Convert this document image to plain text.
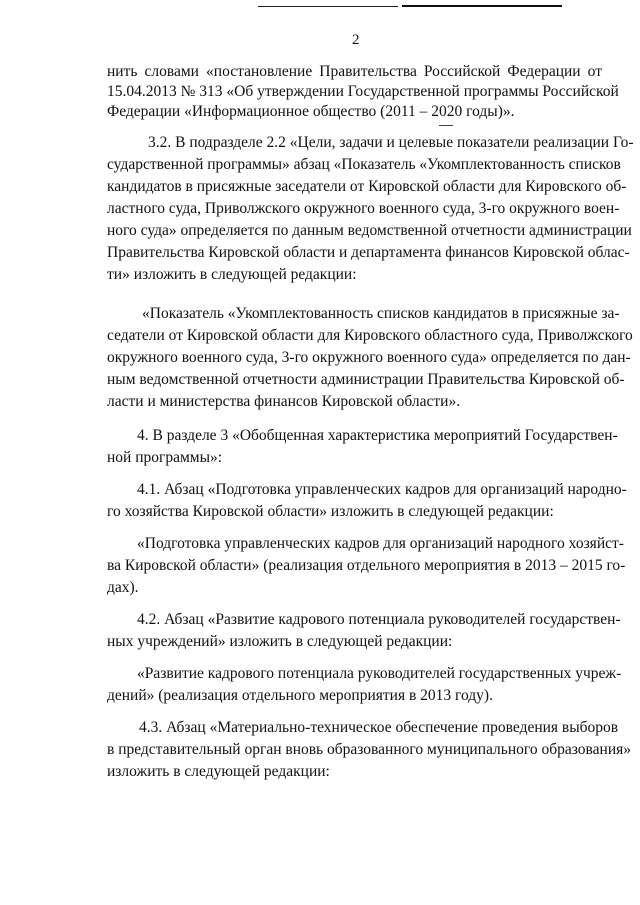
2
нить словами «постановление Правительства Российской Федерации от
15.04.2013 № 313 «Об утверждении Государственной программы Российской
Федерации «Информационное общество (2011 – 2020 годы)».
3.2. В подразделе 2.2 «Цели, задачи и целевые показатели реализации Го-
сударственной программы» абзац «Показатель «Укомплектованность списков
кандидатов в присяжные заседатели от Кировской области для Кировского об-
ластного суда, Приволжского окружного военного суда, 3-го окружного воен-
ного суда» определяется по данным ведомственной отчетности администрации
Правительства Кировской области и департамента финансов Кировской облас-
ти» изложить в следующей редакции:
«Показатель «Укомплектованность списков кандидатов в присяжные за-
седатели от Кировской области для Кировского областного суда, Приволжского
окружного военного суда, 3-го окружного военного суда» определяется по дан-
ным ведомственной отчетности администрации Правительства Кировской об-
ласти и министерства финансов Кировской области».
4. В разделе 3 «Обобщенная характеристика мероприятий Государствен-
ной программы»:
4.1. Абзац «Подготовка управленческих кадров для организаций народно-
го хозяйства Кировской области» изложить в следующей редакции:
«Подготовка управленческих кадров для организаций народного хозяйст-
ва Кировской области» (реализация отдельного мероприятия в 2013 – 2015 го-
дах).
4.2. Абзац «Развитие кадрового потенциала руководителей государствен-
ных учреждений» изложить в следующей редакции:
«Развитие кадрового потенциала руководителей государственных учреж-
дений» (реализация отдельного мероприятия в 2013 году).
4.3. Абзац «Материально-техническое обеспечение проведения выборов
в представительный орган вновь образованного муниципального образования»
изложить в следующей редакции:
